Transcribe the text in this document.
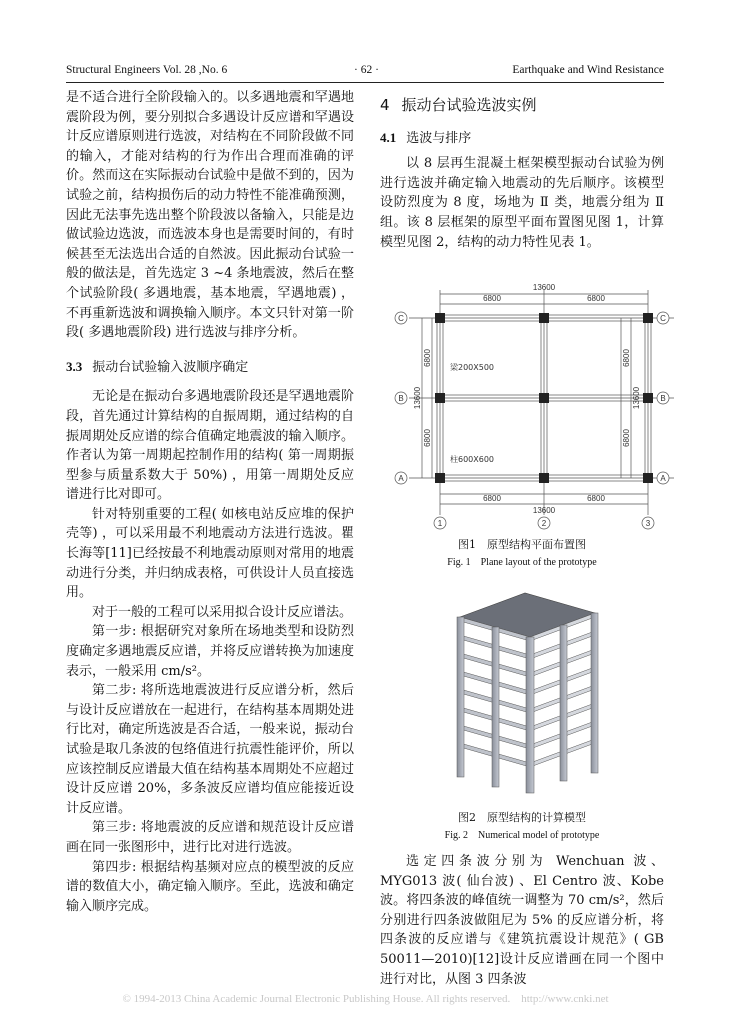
Structural Engineers Vol. 28 ,No. 6	· 62 ·	Earthquake and Wind Resistance

是不适合进行全阶段输入的。以多遇地震和罕遇地震阶段为例，要分别拟合多遇设计反应谱和罕遇设计反应谱原则进行选波，对结构在不同阶段做不同的输入，才能对结构的行为作出合理而准确的评价。然而这在实际振动台试验中是做不到的，因为试验之前，结构损伤后的动力特性不能准确预测，因此无法事先选出整个阶段波以备输入，只能是边做试验边选波，而选波本身也是需要时间的，有时候甚至无法选出合适的自然波。因此振动台试验一般的做法是，首先选定 3 ~4 条地震波，然后在整个试验阶段( 多遇地震，基本地震，罕遇地震) ，不再重新选波和调换输入顺序。本文只针对第一阶段( 多遇地震阶段) 进行选波与排序分析。

3.3 振动台试验输入波顺序确定

无论是在振动台多遇地震阶段还是罕遇地震阶段，首先通过计算结构的自振周期，通过结构的自振周期处反应谱的综合值确定地震波的输入顺序。作者认为第一周期起控制作用的结构( 第一周期振型参与质量系数大于 50%) ，用第一周期处反应谱进行比对即可。

针对特别重要的工程( 如核电站反应堆的保护壳等) ，可以采用最不利地震动方法进行选波。瞿长海等[11]已经按最不利地震动原则对常用的地震动进行分类，并归纳成表格，可供设计人员直接选用。

对于一般的工程可以采用拟合设计反应谱法。

第一步: 根据研究对象所在场地类型和设防烈度确定多遇地震反应谱，并将反应谱转换为加速度表示，一般采用 cm/s²。

第二步: 将所选地震波进行反应谱分析，然后与设计反应谱放在一起进行，在结构基本周期处进行比对，确定所选波是否合适，一般来说，振动台试验是取几条波的包络值进行抗震性能评价，所以应该控制反应谱最大值在结构基本周期处不应超过设计反应谱 20%，多条波反应谱均值应能接近设计反应谱。

第三步: 将地震波的反应谱和规范设计反应谱画在同一张图形中，进行比对进行选波。

第四步: 根据结构基频对应点的模型波的反应谱的数值大小，确定输入顺序。至此，选波和确定输入顺序完成。

4 振动台试验选波实例

4.1 选波与排序

以 8 层再生混凝土框架模型振动台试验为例进行选波并确定输入地震动的先后顺序。该模型设防烈度为 8 度，场地为 Ⅱ 类，地震分组为 Ⅱ 组。该 8 层框架的原型平面布置图见图 1，计算模型见图 2，结构的动力特性见表 1。

13600
6800	6800
6800	6800
13600
6800
6800
13600
6800
6800
13600
梁200X500
柱600X600
C
B
A
C
B
A
1	2	3
图1　原型结构平面布置图
Fig. 1　Plane layout of the prototype
图2　原型结构的计算模型
Fig. 2　Numerical model of prototype

选定四条波分别为 Wenchuan 波、MYG013 波( 仙台波) 、El Centro 波、Kobe 波。将四条波的峰值统一调整为 70 cm/s²，然后分别进行四条波做阻尼为 5% 的反应谱分析，将四条波的反应谱与《建筑抗震设计规范》( GB 50011—2010)[12]设计反应谱画在同一个图中进行对比，从图 3 四条波

© 1994-2013 China Academic Journal Electronic Publishing House. All rights reserved.　http://www.cnki.net
